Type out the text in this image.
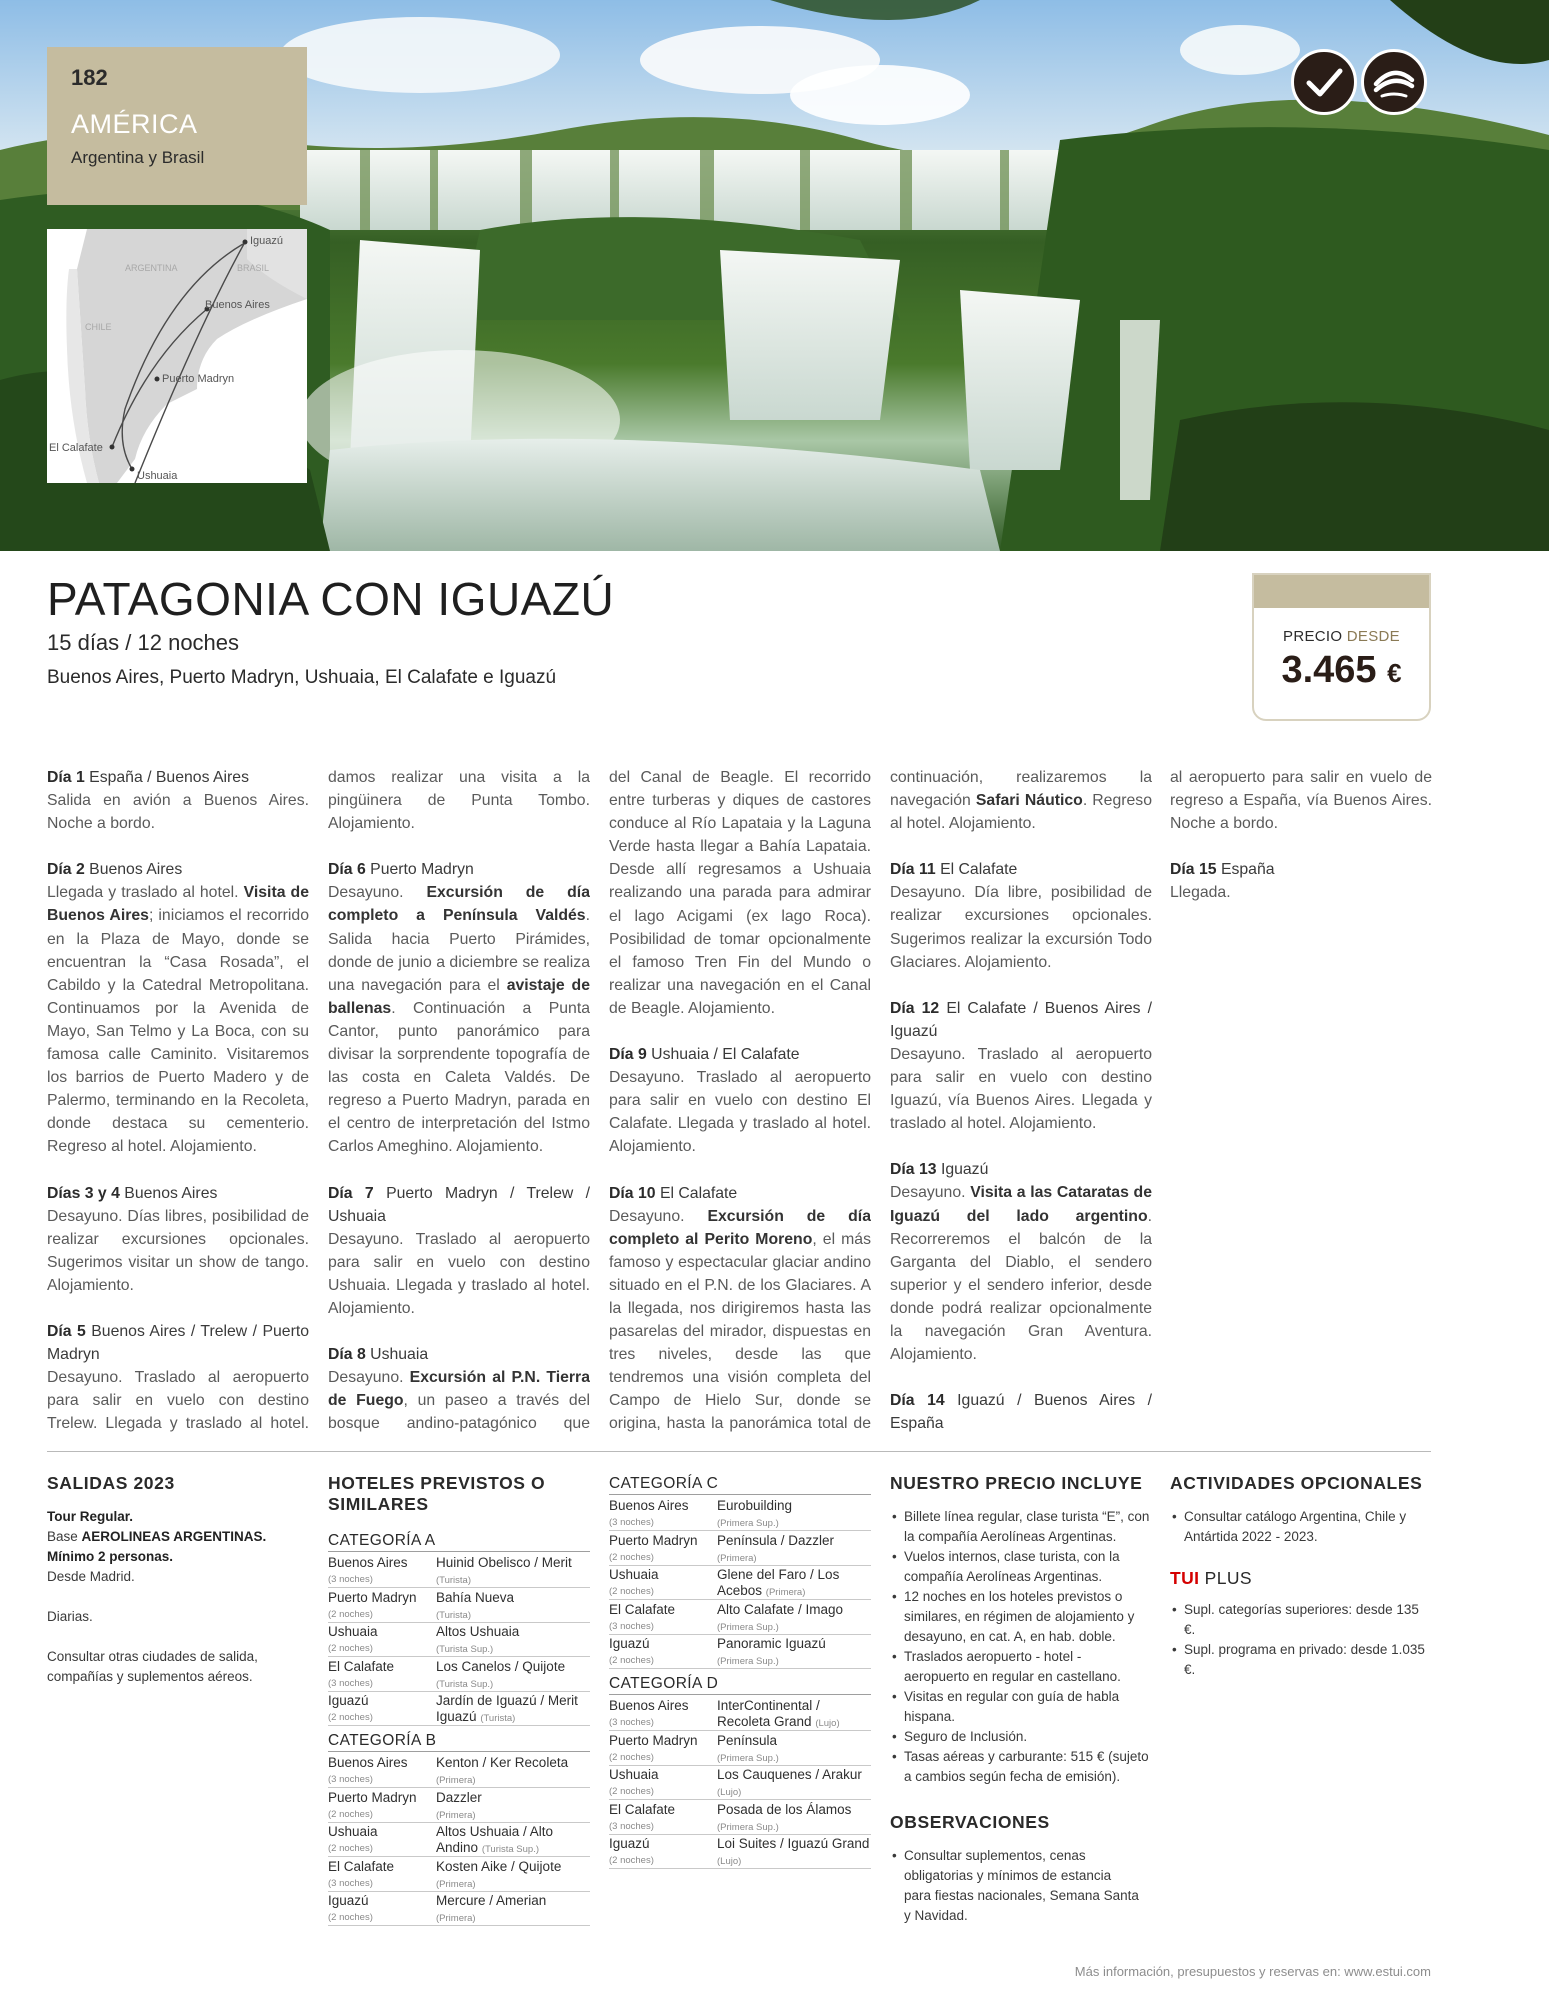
182
AMÉRICA
Argentina y Brasil
ARGENTINA	BRASIL
CHILE
Iguazú
Buenos Aires
Puerto Madryn
El Calafate
Ushuaia
PATAGONIA CON IGUAZÚ
15 días / 12 noches
Buenos Aires, Puerto Madryn, Ushuaia, El Calafate e Iguazú
PRECIO DESDE
3.465 €
Día 1 España / Buenos Aires
Salida en avión a Buenos Aires. Noche a bordo.
Día 2 Buenos Aires
Llegada y traslado al hotel. Visita de Buenos Aires; iniciamos el recorrido en la Plaza de Mayo, donde se encuentran la “Casa Rosada”, el Cabildo y la Catedral Metropolitana. Continuamos por la Avenida de Mayo, San Telmo y La Boca, con su famosa calle Caminito. Visitaremos los barrios de Puerto Madero y de Palermo, terminando en la Recoleta, donde destaca su cementerio. Regreso al hotel. Alojamiento.
Días 3 y 4 Buenos Aires
Desayuno. Días libres, posibilidad de realizar excursiones opcionales. Sugerimos visitar un show de tango. Alojamiento.
Día 5 Buenos Aires / Trelew / Puerto Madryn
Desayuno. Traslado al aeropuerto para salir en vuelo con destino Trelew. Llegada y traslado al hotel.
damos realizar una visita a la pingüinera de Punta Tombo. Alojamiento.
Día 6 Puerto Madryn
Desayuno. Excursión de día completo a Península Valdés. Salida hacia Puerto Pirámides, donde de junio a diciembre se realiza una navegación para el avistaje de ballenas. Continuación a Punta Cantor, punto panorámico para divisar la sorprendente topografía de las costa en Caleta Valdés. De regreso a Puerto Madryn, parada en el centro de interpretación del Istmo Carlos Ameghino. Alojamiento.
Día 7 Puerto Madryn / Trelew / Ushuaia
Desayuno. Traslado al aeropuerto para salir en vuelo con destino Ushuaia. Llegada y traslado al hotel. Alojamiento.
Día 8 Ushuaia
Desayuno. Excursión al P.N. Tierra de Fuego, un paseo a través del bosque andino-patagónico que
del Canal de Beagle. El recorrido entre turberas y diques de castores conduce al Río Lapataia y la Laguna Verde hasta llegar a Bahía Lapataia. Desde allí regresamos a Ushuaia realizando una parada para admirar el lago Acigami (ex lago Roca). Posibilidad de tomar opcionalmente el famoso Tren Fin del Mundo o realizar una navegación en el Canal de Beagle. Alojamiento.
Día 9 Ushuaia / El Calafate
Desayuno. Traslado al aeropuerto para salir en vuelo con destino El Calafate. Llegada y traslado al hotel. Alojamiento.
Día 10 El Calafate
Desayuno. Excursión de día completo al Perito Moreno, el más famoso y espectacular glaciar andino situado en el P.N. de los Glaciares. A la llegada, nos dirigiremos hasta las pasarelas del mirador, dispuestas en tres niveles, desde las que tendremos una visión completa del Campo de Hielo Sur, donde se origina, hasta la panorámica total de
continuación, realizaremos la navegación Safari Náutico. Regreso al hotel. Alojamiento.
Día 11 El Calafate
Desayuno. Día libre, posibilidad de realizar excursiones opcionales. Sugerimos realizar la excursión Todo Glaciares. Alojamiento.
Día 12 El Calafate / Buenos Aires / Iguazú
Desayuno. Traslado al aeropuerto para salir en vuelo con destino Iguazú, vía Buenos Aires. Llegada y traslado al hotel. Alojamiento.
Día 13 Iguazú
Desayuno. Visita a las Cataratas de Iguazú del lado argentino. Recorreremos el balcón de la Garganta del Diablo, el sendero superior y el sendero inferior, desde donde podrá realizar opcionalmente la navegación Gran Aventura. Alojamiento.
Día 14 Iguazú / Buenos Aires / España
al aeropuerto para salir en vuelo de regreso a España, vía Buenos Aires. Noche a bordo.
Día 15 España
Llegada.
SALIDAS 2023
Tour Regular.
Base AEROLINEAS ARGENTINAS.
Mínimo 2 personas.
Desde Madrid.
Diarias.
Consultar otras ciudades de salida, compañías y suplementos aéreos.
HOTELES PREVISTOS O SIMILARES
CATEGORÍA A
Buenos Aires
(3 noches)
Huinid Obelisco / Merit
(Turista)
Puerto Madryn
(2 noches)
Bahía Nueva
(Turista)
Ushuaia
(2 noches)
Altos Ushuaia
(Turista Sup.)
El Calafate
(3 noches)
Los Canelos / Quijote
(Turista Sup.)
Iguazú
(2 noches)
Jardín de Iguazú / Merit Iguazú (Turista)
CATEGORÍA B
Buenos Aires
(3 noches)
Kenton / Ker Recoleta
(Primera)
Puerto Madryn
(2 noches)
Dazzler
(Primera)
Ushuaia
(2 noches)
Altos Ushuaia / Alto Andino (Turista Sup.)
El Calafate
(3 noches)
Kosten Aike / Quijote
(Primera)
Iguazú
(2 noches)
Mercure / Amerian
(Primera)
CATEGORÍA C
Buenos Aires
(3 noches)
Eurobuilding
(Primera Sup.)
Puerto Madryn
(2 noches)
Península / Dazzler
(Primera)
Ushuaia
(2 noches)
Glene del Faro / Los Acebos (Primera)
El Calafate
(3 noches)
Alto Calafate / Imago (Primera Sup.)
Iguazú
(2 noches)
Panoramic Iguazú
(Primera Sup.)
CATEGORÍA D
Buenos Aires
(3 noches)
InterContinental / Recoleta Grand (Lujo)
Puerto Madryn
(2 noches)
Península
(Primera Sup.)
Ushuaia
(2 noches)
Los Cauquenes / Arakur
(Lujo)
El Calafate
(3 noches)
Posada de los Álamos
(Primera Sup.)
Iguazú
(2 noches)
Loi Suites / Iguazú Grand (Lujo)
NUESTRO PRECIO INCLUYE
• Billete línea regular, clase turista “E”, con la compañía Aerolíneas Argentinas.
• Vuelos internos, clase turista, con la compañía Aerolíneas Argentinas.
• 12 noches en los hoteles previstos o similares, en régimen de alojamiento y desayuno, en cat. A, en hab. doble.
• Traslados aeropuerto - hotel - aeropuerto en regular en castellano.
• Visitas en regular con guía de habla hispana.
• Seguro de Inclusión.
• Tasas aéreas y carburante: 515 € (sujeto a cambios según fecha de emisión).
OBSERVACIONES
• Consultar suplementos, cenas obligatorias y mínimos de estancia para fiestas nacionales, Semana Santa y Navidad.
ACTIVIDADES OPCIONALES
• Consultar catálogo Argentina, Chile y Antártida 2022 - 2023.
TUI PLUS
• Supl. categorías superiores: desde 135 €.
• Supl. programa en privado: desde 1.035 €.
Más información, presupuestos y reservas en: www.estui.com
